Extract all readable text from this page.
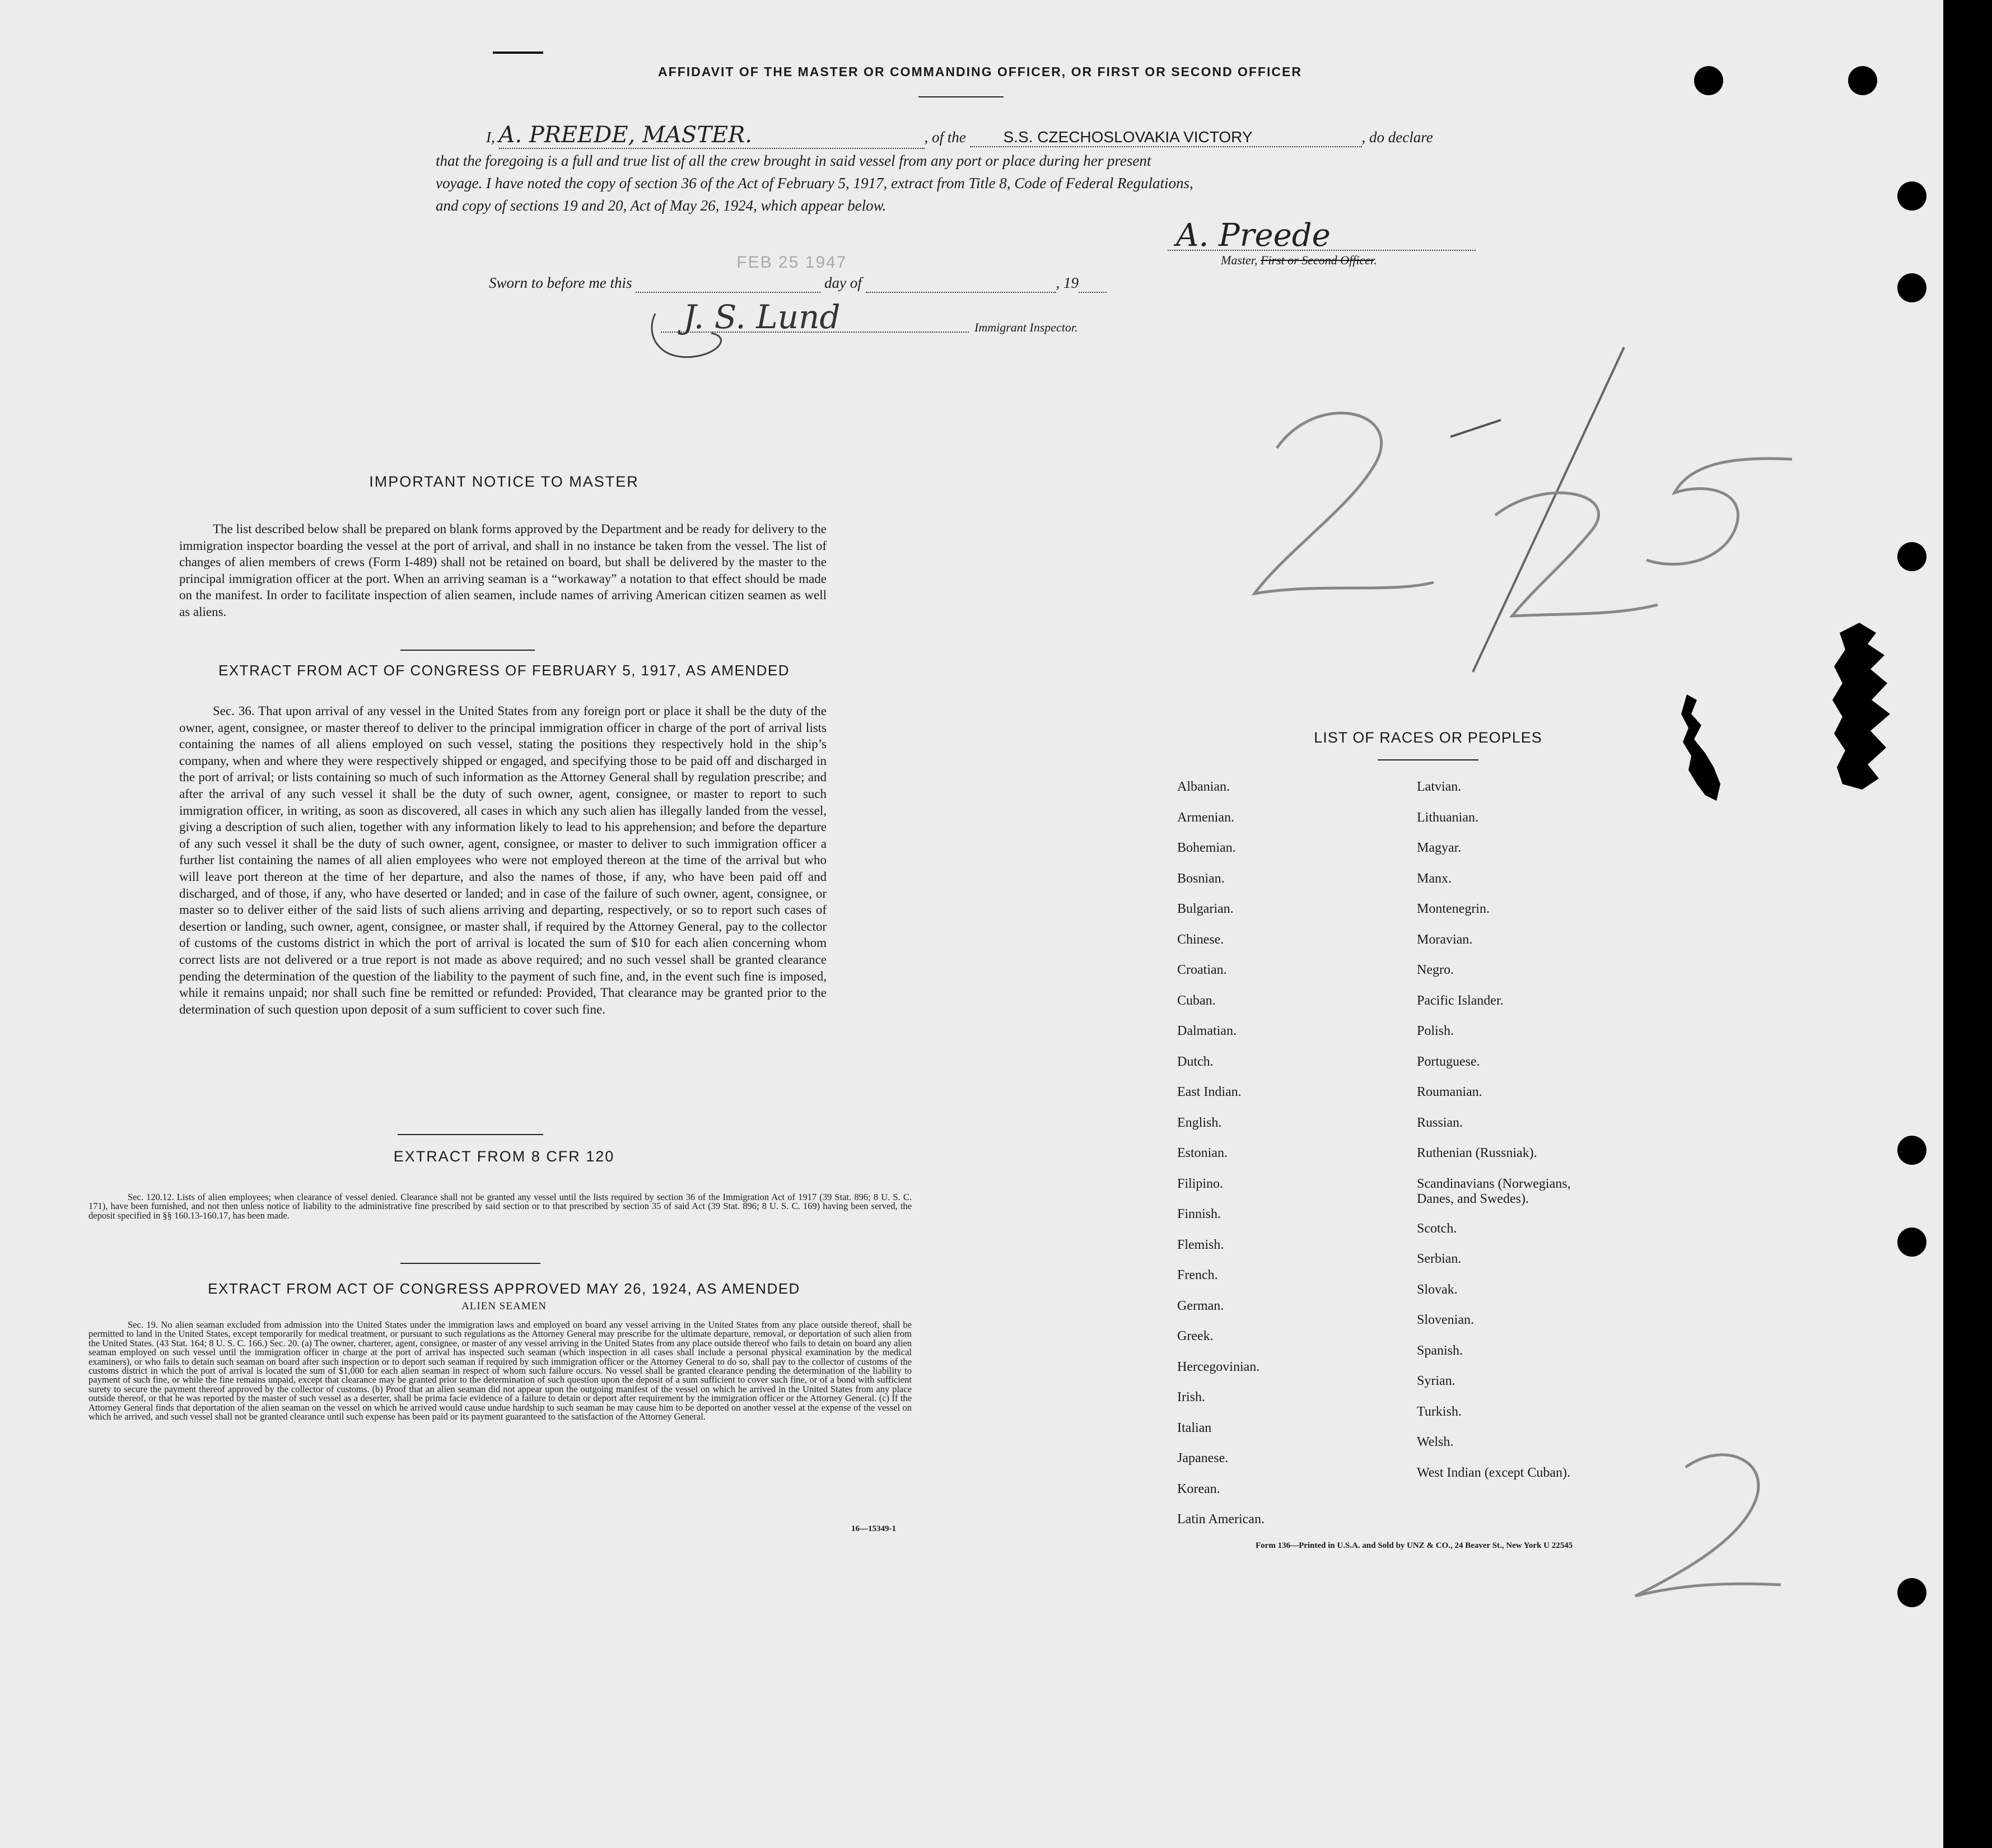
AFFIDAVIT OF THE MASTER OR COMMANDING OFFICER, OR FIRST OR SECOND OFFICER
I, A. PREEDE, MASTER.	, of the S.S. CZECHOSLOVAKIA VICTORY	, do declare
that the foregoing is a full and true list of all the crew brought in said vessel from any port or place during her present
voyage. I have noted the copy of section 36 of the Act of February 5, 1917, extract from Title 8, Code of Federal Regulations,
and copy of sections 19 and 20, Act of May 26, 1924, which appear below.
A. Preede
Master, First or Second Officer.
Sworn to before me this
FEB 25 1947
day of	, 19
J. S. Lund	Immigrant Inspector.
IMPORTANT NOTICE TO MASTER
The list described below shall be prepared on blank forms approved by the Department and be ready for delivery to the immigration inspector boarding the vessel at the port of arrival, and shall in no instance be taken from the vessel. The list of changes of alien members of crews (Form I-489) shall not be retained on board, but shall be delivered by the master to the principal immigration officer at the port. When an arriving seaman is a “workaway” a notation to that effect should be made on the manifest. In order to facilitate inspection of alien seamen, include names of arriving American citizen seamen as well as aliens.
EXTRACT FROM ACT OF CONGRESS OF FEBRUARY 5, 1917, AS AMENDED
Sec. 36. That upon arrival of any vessel in the United States from any foreign port or place it shall be the duty of the owner, agent, consignee, or master thereof to deliver to the principal immigration officer in charge of the port of arrival lists containing the names of all aliens employed on such vessel, stating the positions they respectively hold in the ship’s company, when and where they were respectively shipped or engaged, and specifying those to be paid off and discharged in the port of arrival; or lists containing so much of such information as the Attorney General shall by regulation prescribe; and after the arrival of any such vessel it shall be the duty of such owner, agent, consignee, or master to report to such immigration officer, in writing, as soon as discovered, all cases in which any such alien has illegally landed from the vessel, giving a description of such alien, together with any information likely to lead to his apprehension; and before the departure of any such vessel it shall be the duty of such owner, agent, consignee, or master to deliver to such immigration officer a further list containing the names of all alien employees who were not employed thereon at the time of the arrival but who will leave port thereon at the time of her departure, and also the names of those, if any, who have been paid off and discharged, and of those, if any, who have deserted or landed; and in case of the failure of such owner, agent, consignee, or master so to deliver either of the said lists of such aliens arriving and departing, respectively, or so to report such cases of desertion or landing, such owner, agent, consignee, or master shall, if required by the Attorney General, pay to the collector of customs of the customs district in which the port of arrival is located the sum of $10 for each alien concerning whom correct lists are not delivered or a true report is not made as above required; and no such vessel shall be granted clearance pending the determination of the question of the liability to the payment of such fine, and, in the event such fine is imposed, while it remains unpaid; nor shall such fine be remitted or refunded: Provided, That clearance may be granted prior to the determination of such question upon deposit of a sum sufficient to cover such fine.
EXTRACT FROM 8 CFR 120
Sec. 120.12. Lists of alien employees; when clearance of vessel denied. Clearance shall not be granted any vessel until the lists required by section 36 of the Immigration Act of 1917 (39 Stat. 896; 8 U. S. C. 171), have been furnished, and not then unless notice of liability to the administrative fine prescribed by said section or to that prescribed by section 35 of said Act (39 Stat. 896; 8 U. S. C. 169) having been served, the deposit specified in §§ 160.13-160.17, has been made.
EXTRACT FROM ACT OF CONGRESS APPROVED MAY 26, 1924, AS AMENDED
ALIEN SEAMEN
Sec. 19. No alien seaman excluded from admission into the United States under the immigration laws and employed on board any vessel arriving in the United States from any place outside thereof, shall be permitted to land in the United States, except temporarily for medical treatment, or pursuant to such regulations as the Attorney General may prescribe for the ultimate departure, removal, or deportation of such alien from the United States. (43 Stat. 164; 8 U. S. C. 166.) Sec. 20. (a) The owner, charterer, agent, consignee, or master of any vessel arriving in the United States from any place outside thereof who fails to detain on board any alien seaman employed on such vessel until the immigration officer in charge at the port of arrival has inspected such seaman (which inspection in all cases shall include a personal physical examination by the medical examiners), or who fails to detain such seaman on board after such inspection or to deport such seaman if required by such immigration officer or the Attorney General to do so, shall pay to the collector of customs of the customs district in which the port of arrival is located the sum of $1,000 for each alien seaman in respect of whom such failure occurs. No vessel shall be granted clearance pending the determination of the liability to payment of such fine, or while the fine remains unpaid, except that clearance may be granted prior to the determination of such question upon the deposit of a sum sufficient to cover such fine, or of a bond with sufficient surety to secure the payment thereof approved by the collector of customs. (b) Proof that an alien seaman did not appear upon the outgoing manifest of the vessel on which he arrived in the United States from any place outside thereof, or that he was reported by the master of such vessel as a deserter, shall be prima facie evidence of a failure to detain or deport after requirement by the immigration officer or the Attorney General. (c) If the Attorney General finds that deportation of the alien seaman on the vessel on which he arrived would cause undue hardship to such seaman he may cause him to be deported on another vessel at the expense of the vessel on which he arrived, and such vessel shall not be granted clearance until such expense has been paid or its payment guaranteed to the satisfaction of the Attorney General.
16—15349-1
LIST OF RACES OR PEOPLES
Albanian.
Armenian.
Bohemian.
Bosnian.
Bulgarian.
Chinese.
Croatian.
Cuban.
Dalmatian.
Dutch.
East Indian.
English.
Estonian.
Filipino.
Finnish.
Flemish.
French.
German.
Greek.
Hercegovinian.
Irish.
Italian
Japanese.
Korean.
Latin American.
Latvian.
Lithuanian.
Magyar.
Manx.
Montenegrin.
Moravian.
Negro.
Pacific Islander.
Polish.
Portuguese.
Roumanian.
Russian.
Ruthenian (Russniak).
Scandinavians (Norwegians,
Danes, and Swedes).
Scotch.
Serbian.
Slovak.
Slovenian.
Spanish.
Syrian.
Turkish.
Welsh.
West Indian (except Cuban).
Form 136—Printed in U.S.A. and Sold by UNZ & CO., 24 Beaver St., New York U 22545
